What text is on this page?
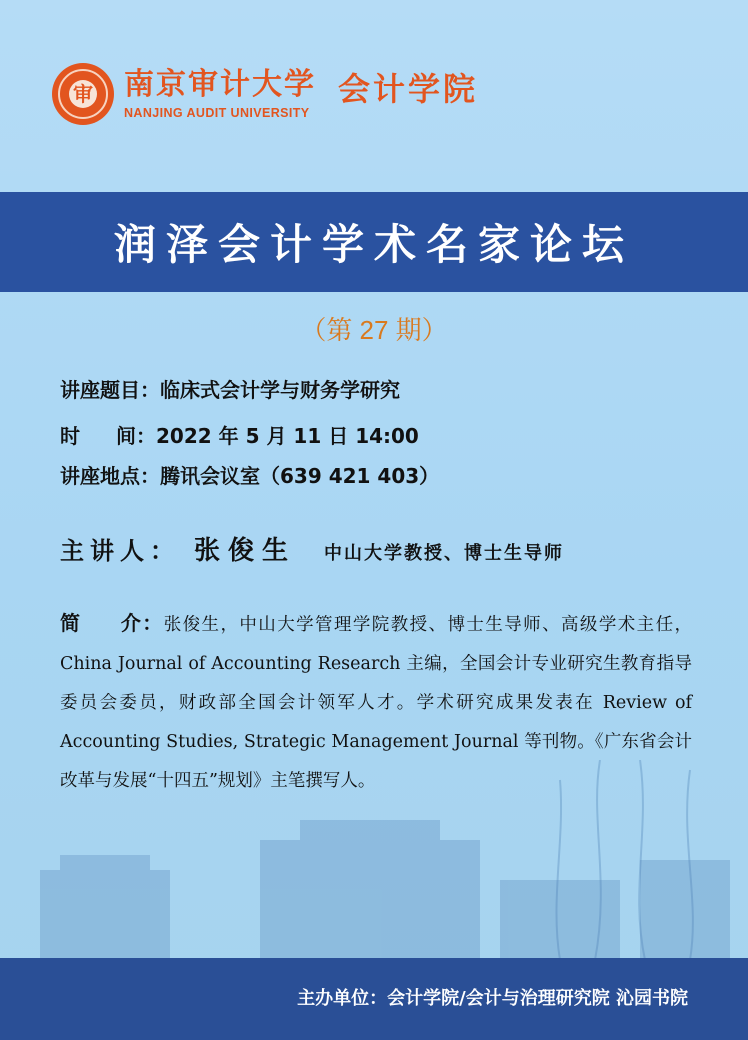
审 南京审计大学
NANJING AUDIT UNIVERSITY
会计学院
润泽会计学术名家论坛
（第 27 期）
讲座题目：临床式会计学与财务学研究
时间：2022 年 5 月 11 日 14:00
讲座地点：腾讯会议室（639 421 403）
主讲人： 张俊生 中山大学教授、博士生导师
简 介：张俊生，中山大学管理学院教授、博士生导师、高级学术主任，China Journal of Accounting Research 主编，全国会计专业研究生教育指导委员会委员，财政部全国会计领军人才。学术研究成果发表在 Review of Accounting Studies, Strategic Management Journal 等刊物。《广东省会计改革与发展“十四五”规划》主笔撰写人。
主办单位：会计学院/会计与治理研究院 沁园书院
